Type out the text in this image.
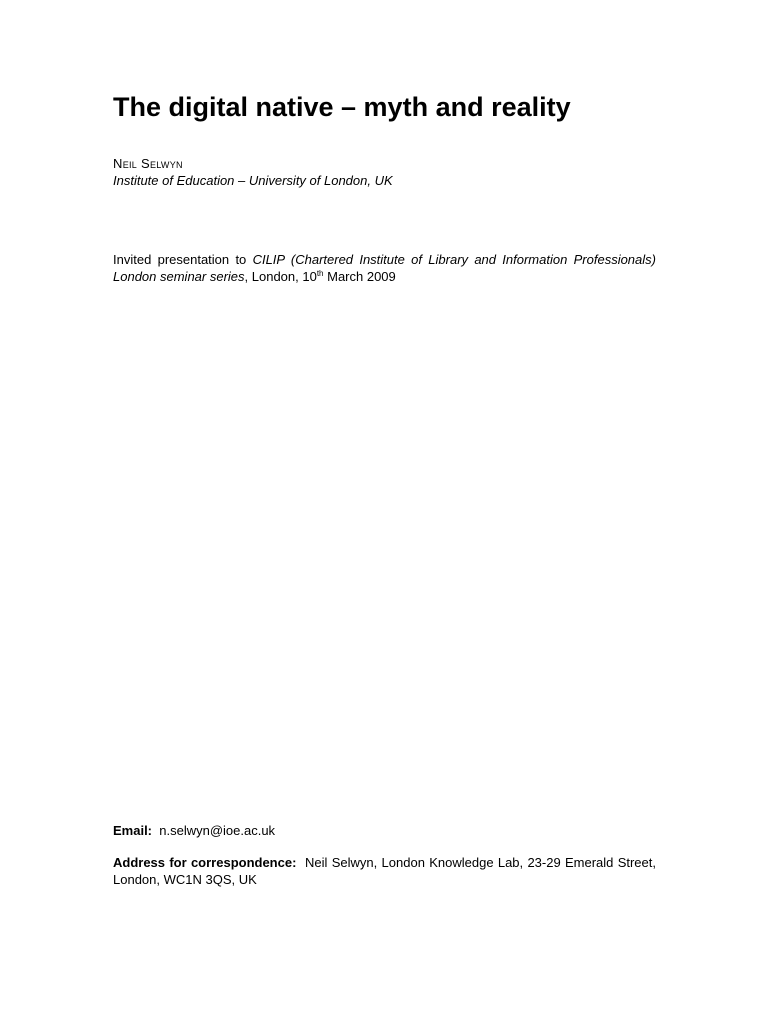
The digital native – myth and reality
Neil Selwyn
Institute of Education – University of London, UK

Invited presentation to CILIP (Chartered Institute of Library and Information Professionals) London seminar series, London, 10th March 2009

Email: n.selwyn@ioe.ac.uk

Address for correspondence: Neil Selwyn, London Knowledge Lab, 23-29 Emerald Street, London, WC1N 3QS, UK
